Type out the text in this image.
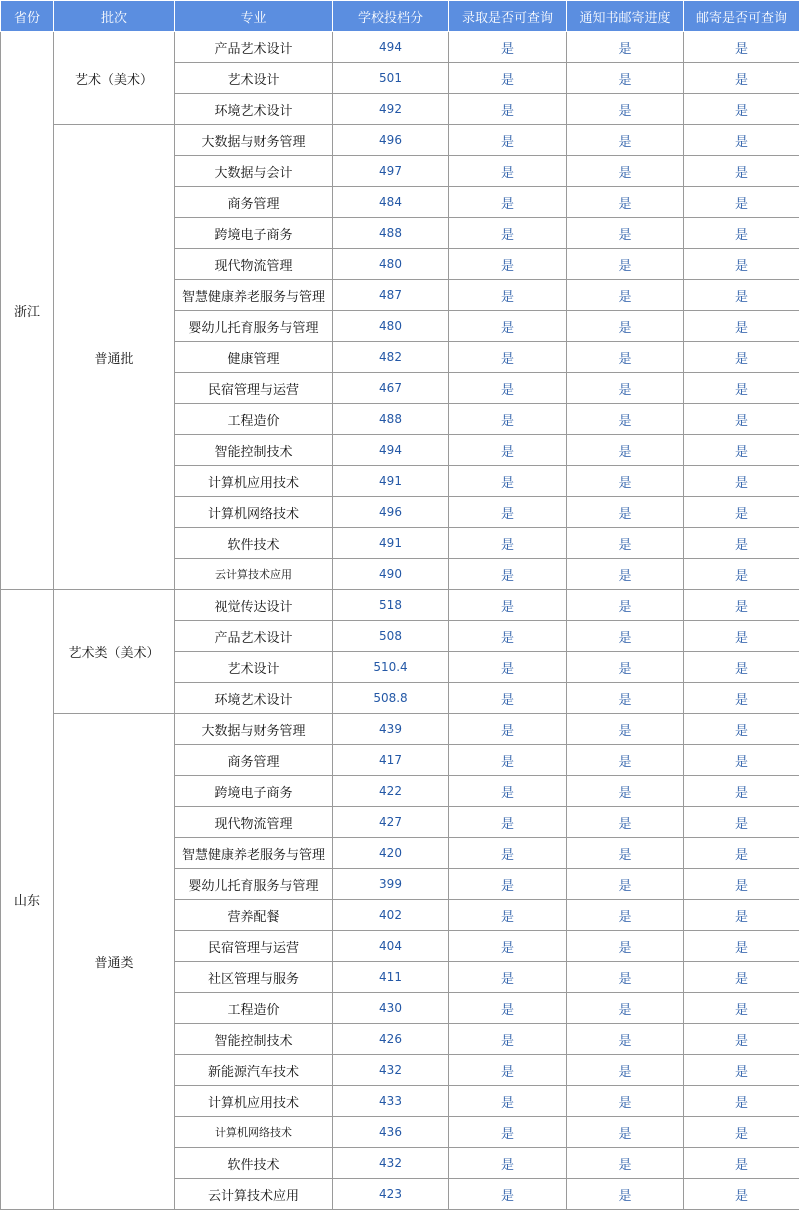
省份	批次	专业	学校投档分	录取是否可查询	通知书邮寄进度	邮寄是否可查询
浙江	艺术（美术）	产品艺术设计	494	是	是	是
		艺术设计	501	是	是	是
		环境艺术设计	492	是	是	是
	普通批	大数据与财务管理	496	是	是	是
		大数据与会计	497	是	是	是
		商务管理	484	是	是	是
		跨境电子商务	488	是	是	是
		现代物流管理	480	是	是	是
		智慧健康养老服务与管理	487	是	是	是
		婴幼儿托育服务与管理	480	是	是	是
		健康管理	482	是	是	是
		民宿管理与运营	467	是	是	是
		工程造价	488	是	是	是
		智能控制技术	494	是	是	是
		计算机应用技术	491	是	是	是
		计算机网络技术	496	是	是	是
		软件技术	491	是	是	是
		云计算技术应用	490	是	是	是
山东	艺术类（美术）	视觉传达设计	518	是	是	是
		产品艺术设计	508	是	是	是
		艺术设计	510.4	是	是	是
		环境艺术设计	508.8	是	是	是
	普通类	大数据与财务管理	439	是	是	是
		商务管理	417	是	是	是
		跨境电子商务	422	是	是	是
		现代物流管理	427	是	是	是
		智慧健康养老服务与管理	420	是	是	是
		婴幼儿托育服务与管理	399	是	是	是
		营养配餐	402	是	是	是
		民宿管理与运营	404	是	是	是
		社区管理与服务	411	是	是	是
		工程造价	430	是	是	是
		智能控制技术	426	是	是	是
		新能源汽车技术	432	是	是	是
		计算机应用技术	433	是	是	是
		计算机网络技术	436	是	是	是
		软件技术	432	是	是	是
		云计算技术应用	423	是	是	是
